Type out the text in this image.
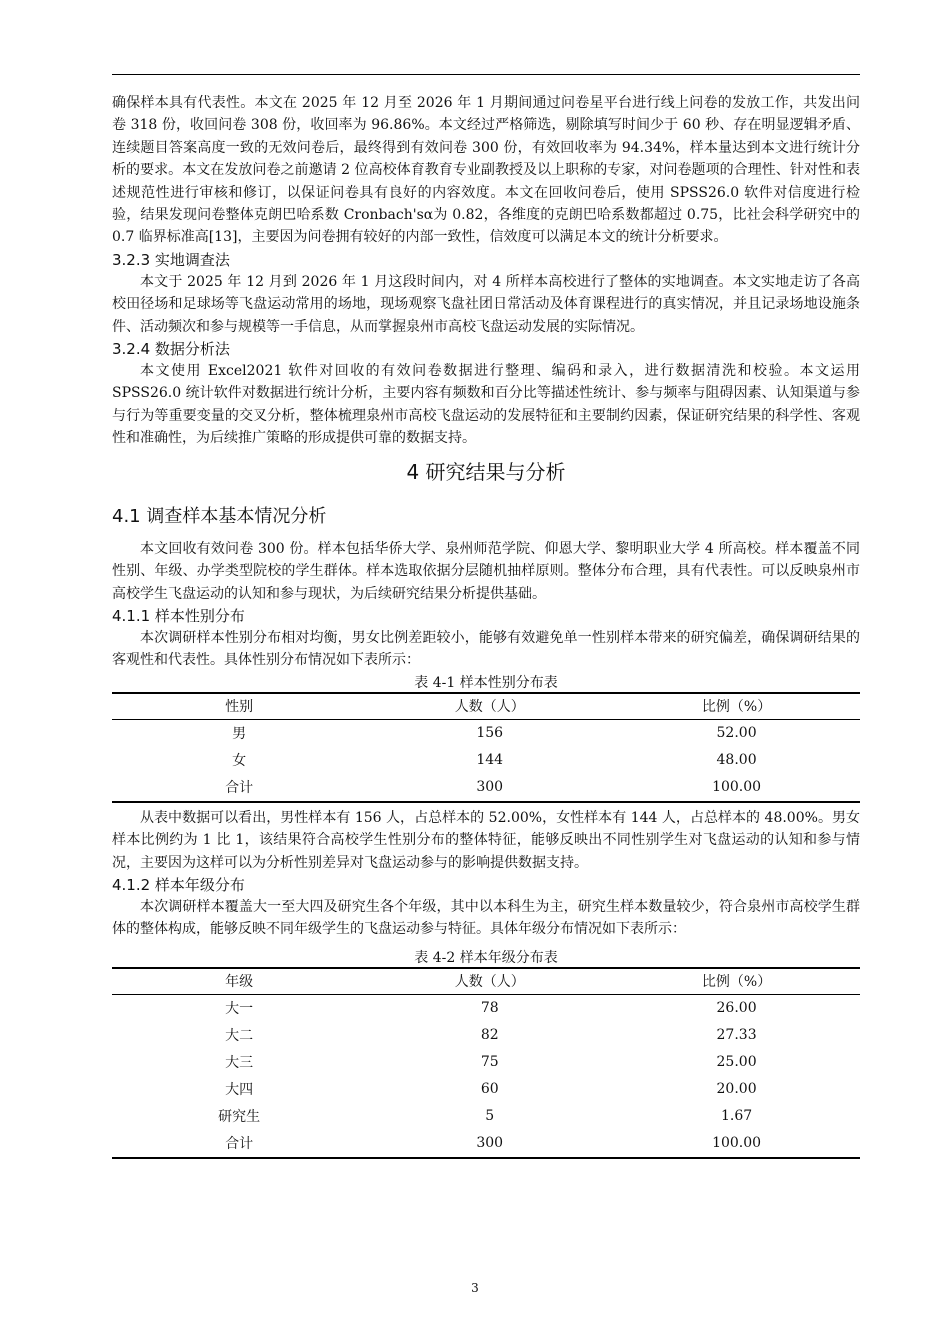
确保样本具有代表性。本文在 2025 年 12 月至 2026 年 1 月期间通过问卷星平台进行线上问卷的发放工作，共发出问卷 318 份，收回问卷 308 份，收回率为 96.86%。本文经过严格筛选，剔除填写时间少于 60 秒、存在明显逻辑矛盾、连续题目答案高度一致的无效问卷后，最终得到有效问卷 300 份，有效回收率为 94.34%，样本量达到本文进行统计分析的要求。本文在发放问卷之前邀请 2 位高校体育教育专业副教授及以上职称的专家，对问卷题项的合理性、针对性和表述规范性进行审核和修订，以保证问卷具有良好的内容效度。本文在回收问卷后，使用 SPSS26.0 软件对信度进行检验，结果发现问卷整体克朗巴哈系数 Cronbach'sα为 0.82，各维度的克朗巴哈系数都超过 0.75，比社会科学研究中的 0.7 临界标准高[13]，主要因为问卷拥有较好的内部一致性，信效度可以满足本文的统计分析要求。

3.2.3 实地调查法

本文于 2025 年 12 月到 2026 年 1 月这段时间内，对 4 所样本高校进行了整体的实地调查。本文实地走访了各高校田径场和足球场等飞盘运动常用的场地，现场观察飞盘社团日常活动及体育课程进行的真实情况，并且记录场地设施条件、活动频次和参与规模等一手信息，从而掌握泉州市高校飞盘运动发展的实际情况。

3.2.4 数据分析法

本文使用 Excel2021 软件对回收的有效问卷数据进行整理、编码和录入，进行数据清洗和校验。本文运用 SPSS26.0 统计软件对数据进行统计分析，主要内容有频数和百分比等描述性统计、参与频率与阻碍因素、认知渠道与参与行为等重要变量的交叉分析，整体梳理泉州市高校飞盘运动的发展特征和主要制约因素，保证研究结果的科学性、客观性和准确性，为后续推广策略的形成提供可靠的数据支持。

4 研究结果与分析
4.1 调查样本基本情况分析

本文回收有效问卷 300 份。样本包括华侨大学、泉州师范学院、仰恩大学、黎明职业大学 4 所高校。样本覆盖不同性别、年级、办学类型院校的学生群体。样本选取依据分层随机抽样原则。整体分布合理，具有代表性。可以反映泉州市高校学生飞盘运动的认知和参与现状，为后续研究结果分析提供基础。

4.1.1 样本性别分布

本次调研样本性别分布相对均衡，男女比例差距较小，能够有效避免单一性别样本带来的研究偏差，确保调研结果的客观性和代表性。具体性别分布情况如下表所示：

表 4-1 样本性别分布表
性别	人数（人）	比例（%）
男	156	52.00
女	144	48.00
合计	300	100.00

从表中数据可以看出，男性样本有 156 人，占总样本的 52.00%，女性样本有 144 人，占总样本的 48.00%。男女样本比例约为 1 比 1，该结果符合高校学生性别分布的整体特征，能够反映出不同性别学生对飞盘运动的认知和参与情况，主要因为这样可以为分析性别差异对飞盘运动参与的影响提供数据支持。

4.1.2 样本年级分布

本次调研样本覆盖大一至大四及研究生各个年级，其中以本科生为主，研究生样本数量较少，符合泉州市高校学生群体的整体构成，能够反映不同年级学生的飞盘运动参与特征。具体年级分布情况如下表所示：

表 4-2 样本年级分布表
年级	人数（人）	比例（%）
大一	78	26.00
大二	82	27.33
大三	75	25.00
大四	60	20.00
研究生	5	1.67
合计	300	100.00
3
